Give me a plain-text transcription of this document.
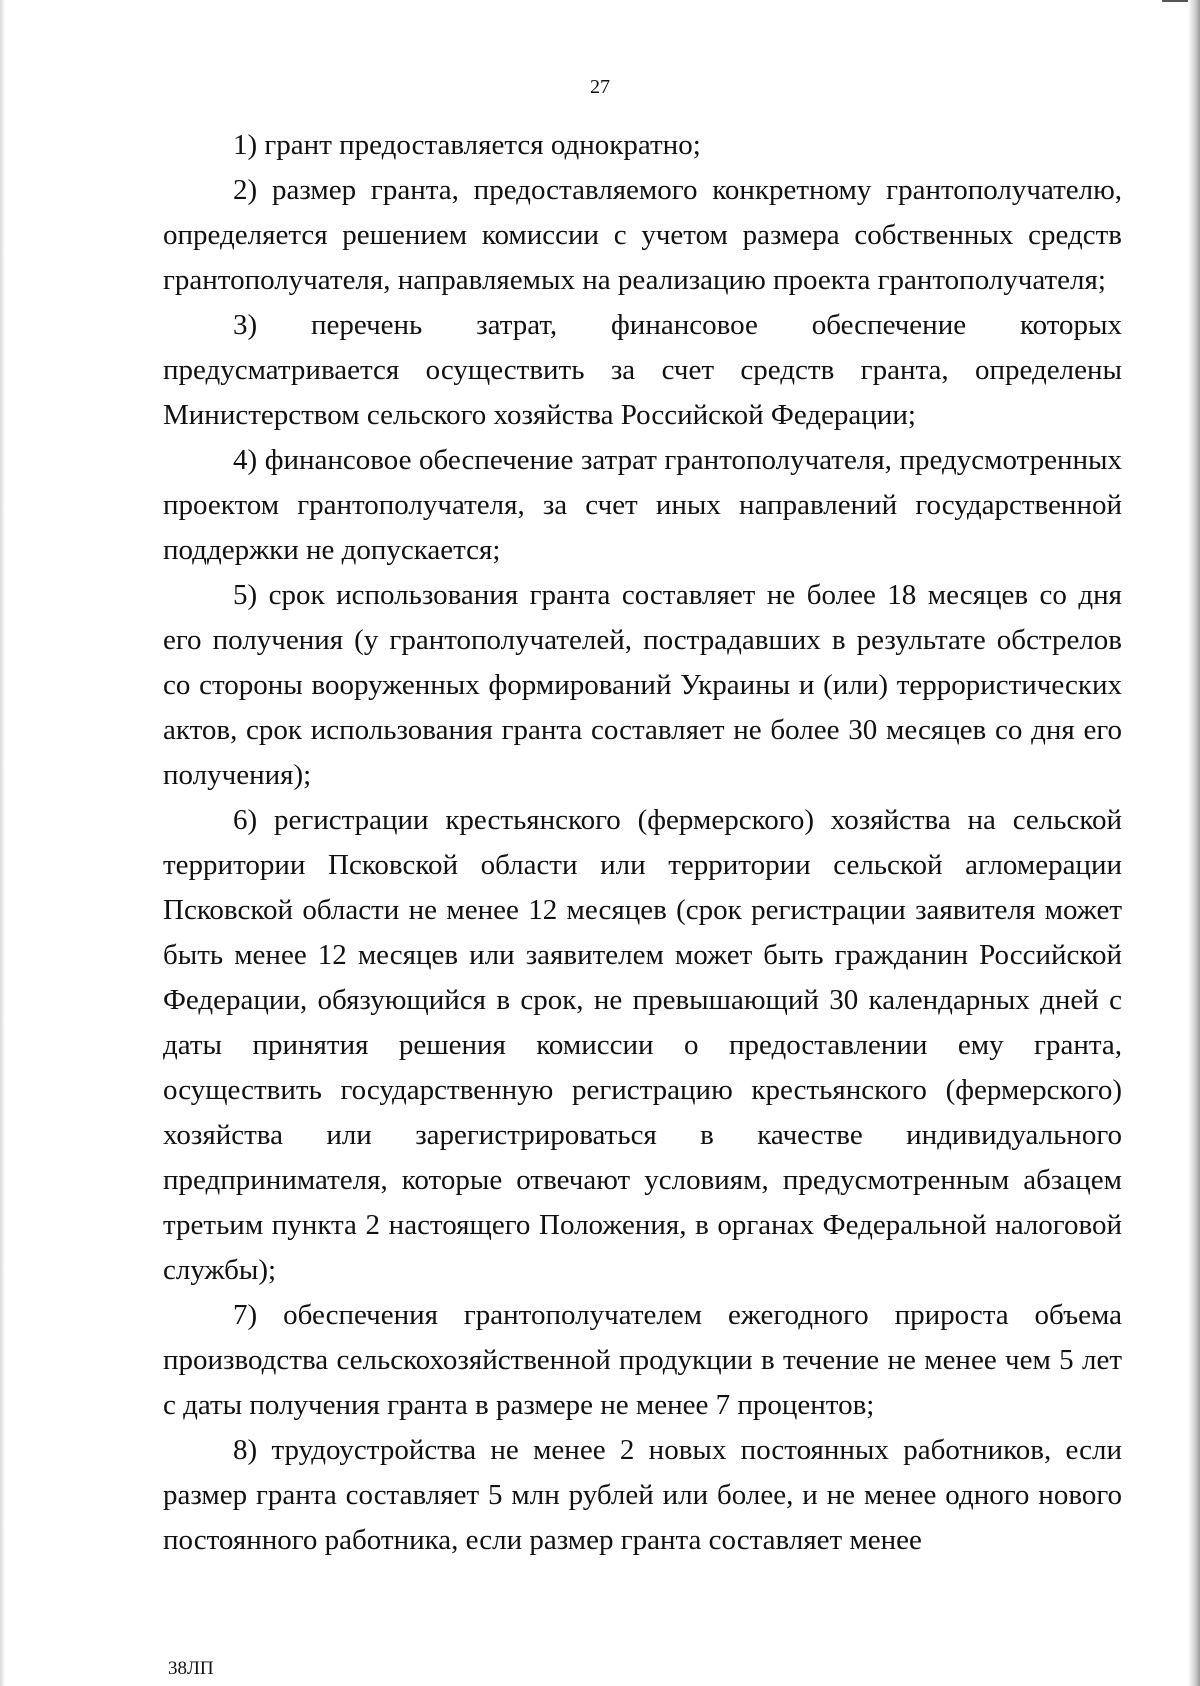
27

1) грант предоставляется однократно;

2) размер гранта, предоставляемого конкретному грантополучателю, определяется решением комиссии с учетом размера собственных средств грантополучателя, направляемых на реализацию проекта грантополучателя;

3) перечень затрат, финансовое обеспечение которых предусматривается осуществить за счет средств гранта, определены Министерством сельского хозяйства Российской Федерации;

4) финансовое обеспечение затрат грантополучателя, предусмотренных проектом грантополучателя, за счет иных направлений государственной поддержки не допускается;

5) срок использования гранта составляет не более 18 месяцев со дня его получения (у грантополучателей, пострадавших в результате обстрелов со стороны вооруженных формирований Украины и (или) террористических актов, срок использования гранта составляет не более 30 месяцев со дня его получения);

6) регистрации крестьянского (фермерского) хозяйства на сельской территории Псковской области или территории сельской агломерации Псковской области не менее 12 месяцев (срок регистрации заявителя может быть менее 12 месяцев или заявителем может быть гражданин Российской Федерации, обязующийся в срок, не превышающий 30 календарных дней с даты принятия решения комиссии о предоставлении ему гранта, осуществить государственную регистрацию крестьянского (фермерского) хозяйства или зарегистрироваться в качестве индивидуального предпринимателя, которые отвечают условиям, предусмотренным абзацем третьим пункта 2 настоящего Положения, в органах Федеральной налоговой службы);

7) обеспечения грантополучателем ежегодного прироста объема производства сельскохозяйственной продукции в течение не менее чем 5 лет с даты получения гранта в размере не менее 7 процентов;

8) трудоустройства не менее 2 новых постоянных работников, если размер гранта составляет 5 млн рублей или более, и не менее одного нового постоянного работника, если размер гранта составляет менее

38ЛП
